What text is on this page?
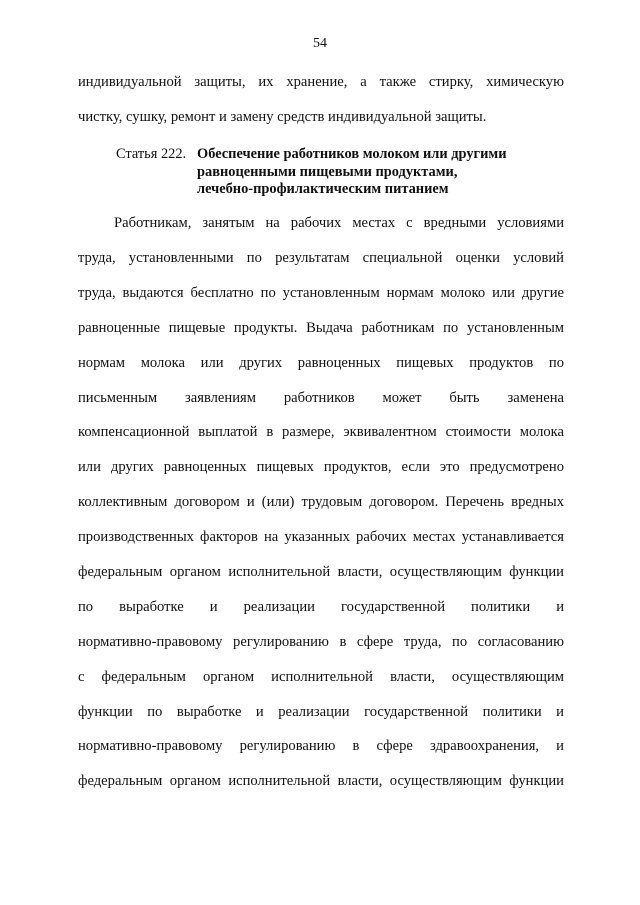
54
индивидуальной защиты, их хранение, а также стирку, химическую
чистку, сушку, ремонт и замену средств индивидуальной защиты.
Статья 222. Обеспечение работников молоком или другими
равноценными пищевыми продуктами,
лечебно-профилактическим питанием
Работникам, занятым на рабочих местах с вредными условиями
труда, установленными по результатам специальной оценки условий
труда, выдаются бесплатно по установленным нормам молоко или другие
равноценные пищевые продукты. Выдача работникам по установленным
нормам молока или других равноценных пищевых продуктов по
письменным заявлениям работников может быть заменена
компенсационной выплатой в размере, эквивалентном стоимости молока
или других равноценных пищевых продуктов, если это предусмотрено
коллективным договором и (или) трудовым договором. Перечень вредных
производственных факторов на указанных рабочих местах устанавливается
федеральным органом исполнительной власти, осуществляющим функции
по выработке и реализации государственной политики и
нормативно-правовому регулированию в сфере труда, по согласованию
с федеральным органом исполнительной власти, осуществляющим
функции по выработке и реализации государственной политики и
нормативно-правовому регулированию в сфере здравоохранения, и
федеральным органом исполнительной власти, осуществляющим функции
